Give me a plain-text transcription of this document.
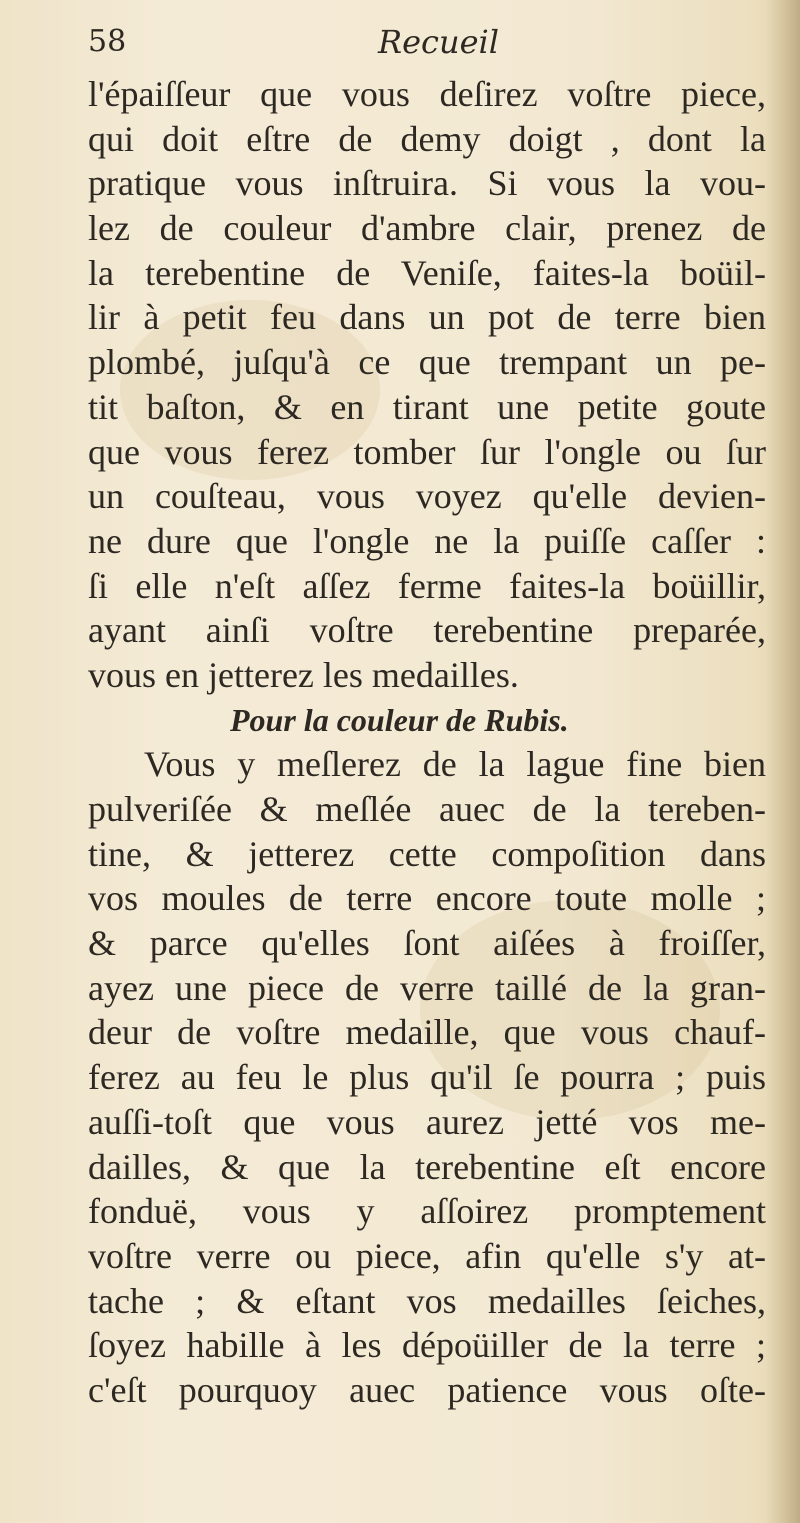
58	Recueil
l'épaiſſeur que vous deſirez voſtre piece,
qui doit eſtre de demy doigt , dont la
pratique vous inſtruira. Si vous la vou-
lez de couleur d'ambre clair, prenez de
la terebentine de Veniſe, faites-la boüil-
lir à petit feu dans un pot de terre bien
plombé, juſqu'à ce que trempant un pe-
tit baſton, & en tirant une petite goute
que vous ferez tomber ſur l'ongle ou ſur
un couſteau, vous voyez qu'elle devien-
ne dure que l'ongle ne la puiſſe caſſer :
ſi elle n'eſt aſſez ferme faites-la boüillir,
ayant ainſi voſtre terebentine preparée,
vous en jetterez les medailles.
Pour la couleur de Rubis.
Vous y meſlerez de la lague fine bien
pulveriſée & meſlée auec de la tereben-
tine, & jetterez cette compoſition dans
vos moules de terre encore toute molle ;
& parce qu'elles ſont aiſées à froiſſer,
ayez une piece de verre taillé de la gran-
deur de voſtre medaille, que vous chauf-
ferez au feu le plus qu'il ſe pourra ; puis
auſſi-toſt que vous aurez jetté vos me-
dailles, & que la terebentine eſt encore
fonduë, vous y aſſoirez promptement
voſtre verre ou piece, afin qu'elle s'y at-
tache ; & eſtant vos medailles ſeiches,
ſoyez habille à les dépoüiller de la terre ;
c'eſt pourquoy auec patience vous oſte-
